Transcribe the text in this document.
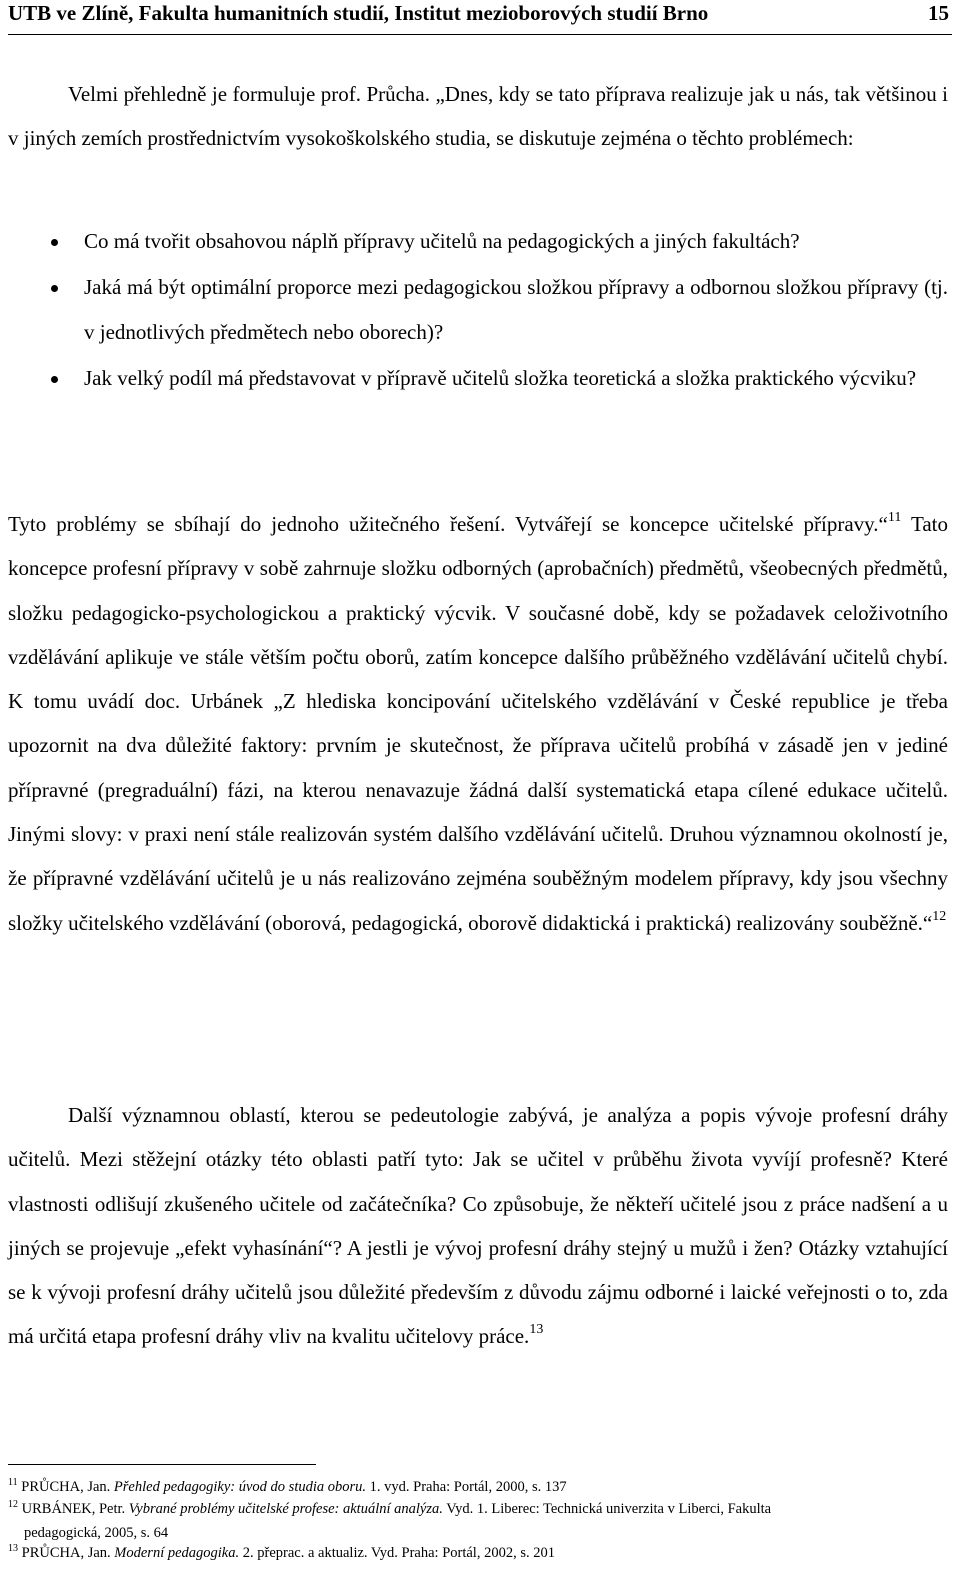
UTB ve Zlíně, Fakulta humanitních studií, Institut mezioborových studií Brno	15
Velmi přehledně je formuluje prof. Průcha. „Dnes, kdy se tato příprava realizuje jak u nás, tak většinou i v jiných zemích prostřednictvím vysokoškolského studia, se diskutuje zejména o těchto problémech:
Co má tvořit obsahovou náplň přípravy učitelů na pedagogických a jiných fakultách?
Jaká má být optimální proporce mezi pedagogickou složkou přípravy a odbornou složkou přípravy (tj. v jednotlivých předmětech nebo oborech)?
Jak velký podíl má představovat v přípravě učitelů složka teoretická a složka praktického výcviku?
Tyto problémy se sbíhají do jednoho užitečného řešení. Vytvářejí se koncepce učitelské přípravy.“$^{11}$ Tato koncepce profesní přípravy v sobě zahrnuje složku odborných (aprobačních) předmětů, všeobecných předmětů, složku pedagogicko-psychologickou a praktický výcvik. V současné době, kdy se požadavek celoživotního vzdělávání aplikuje ve stále větším počtu oborů, zatím koncepce dalšího průběžného vzdělávání učitelů chybí. K tomu uvádí doc. Urbánek „Z hlediska koncipování učitelského vzdělávání v České republice je třeba upozornit na dva důležité faktory: prvním je skutečnost, že příprava učitelů probíhá v zásadě jen v jediné přípravné (pregraduální) fázi, na kterou nenavazuje žádná další systematická etapa cílené edukace učitelů. Jinými slovy: v praxi není stále realizován systém dalšího vzdělávání učitelů. Druhou významnou okolností je, že přípravné vzdělávání učitelů je u nás realizováno zejména souběžným modelem přípravy, kdy jsou všechny složky učitelského vzdělávání (oborová, pedagogická, oborově didaktická i praktická) realizovány souběžně.“$^{12}$
Další významnou oblastí, kterou se pedeutologie zabývá, je analýza a popis vývoje profesní dráhy učitelů. Mezi stěžejní otázky této oblasti patří tyto: Jak se učitel v průběhu života vyvíjí profesně? Které vlastnosti odlišují zkušeného učitele od začátečníka? Co způsobuje, že někteří učitelé jsou z práce nadšení a u jiných se projevuje „efekt vyhasínání“? A jestli je vývoj profesní dráhy stejný u mužů i žen? Otázky vztahující se k vývoji profesní dráhy učitelů jsou důležité především z důvodu zájmu odborné i laické veřejnosti o to, zda má určitá etapa profesní dráhy vliv na kvalitu učitelovy práce.$^{13}$
$^{11}$ PRŮCHA, Jan. Přehled pedagogiky: úvod do studia oboru. 1. vyd. Praha: Portál, 2000, s. 137
$^{12}$ URBÁNEK, Petr. Vybrané problémy učitelské profese: aktuální analýza. Vyd. 1. Liberec: Technická univerzita v Liberci, Fakulta
pedagogická, 2005, s. 64
$^{13}$ PRŮCHA, Jan. Moderní pedagogika. 2. přeprac. a aktualiz. Vyd. Praha: Portál, 2002, s. 201
